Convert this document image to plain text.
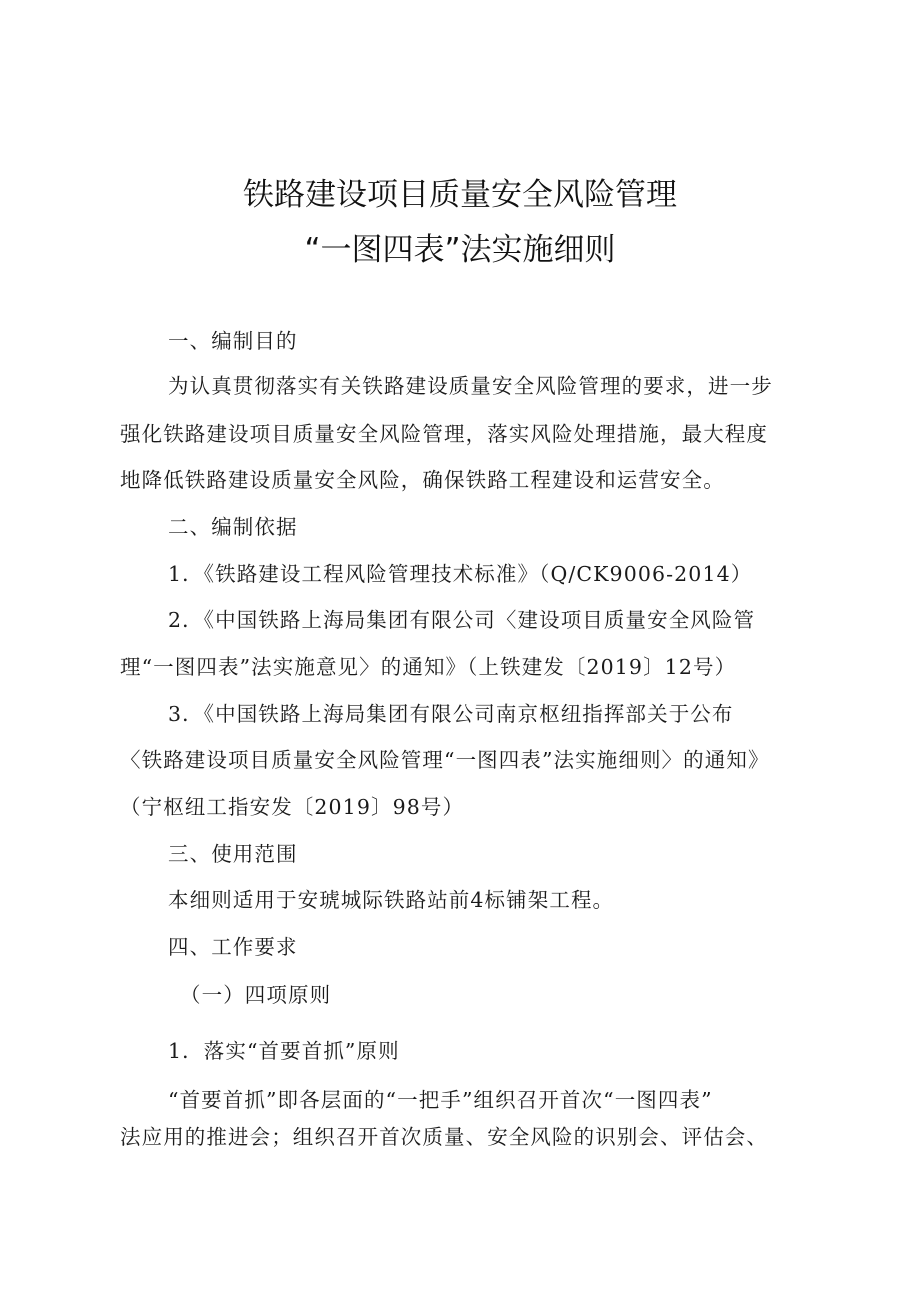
铁路建设项目质量安全风险管理
“一图四表”法实施细则
一、编制目的
为认真贯彻落实有关铁路建设质量安全风险管理的要求，进一步
强化铁路建设项目质量安全风险管理，落实风险处理措施，最大程度
地降低铁路建设质量安全风险，确保铁路工程建设和运营安全。
二、编制依据
1．《铁路建设工程风险管理技术标准》（Q/CK9006-2014）
2．《中国铁路上海局集团有限公司〈建设项目质量安全风险管
理“一图四表”法实施意见〉的通知》（上铁建发〔2019〕12号）
3．《中国铁路上海局集团有限公司南京枢纽指挥部关于公布
〈铁路建设项目质量安全风险管理“一图四表”法实施细则〉的通知》
（宁枢纽工指安发〔2019〕98号）
三、使用范围
本细则适用于安琥城际铁路站前4标铺架工程。
四、工作要求
（一）四项原则
1．落实“首要首抓”原则
“首要首抓”即各层面的“一把手”组织召开首次“一图四表”
法应用的推进会；组织召开首次质量、安全风险的识别会、评估会、
